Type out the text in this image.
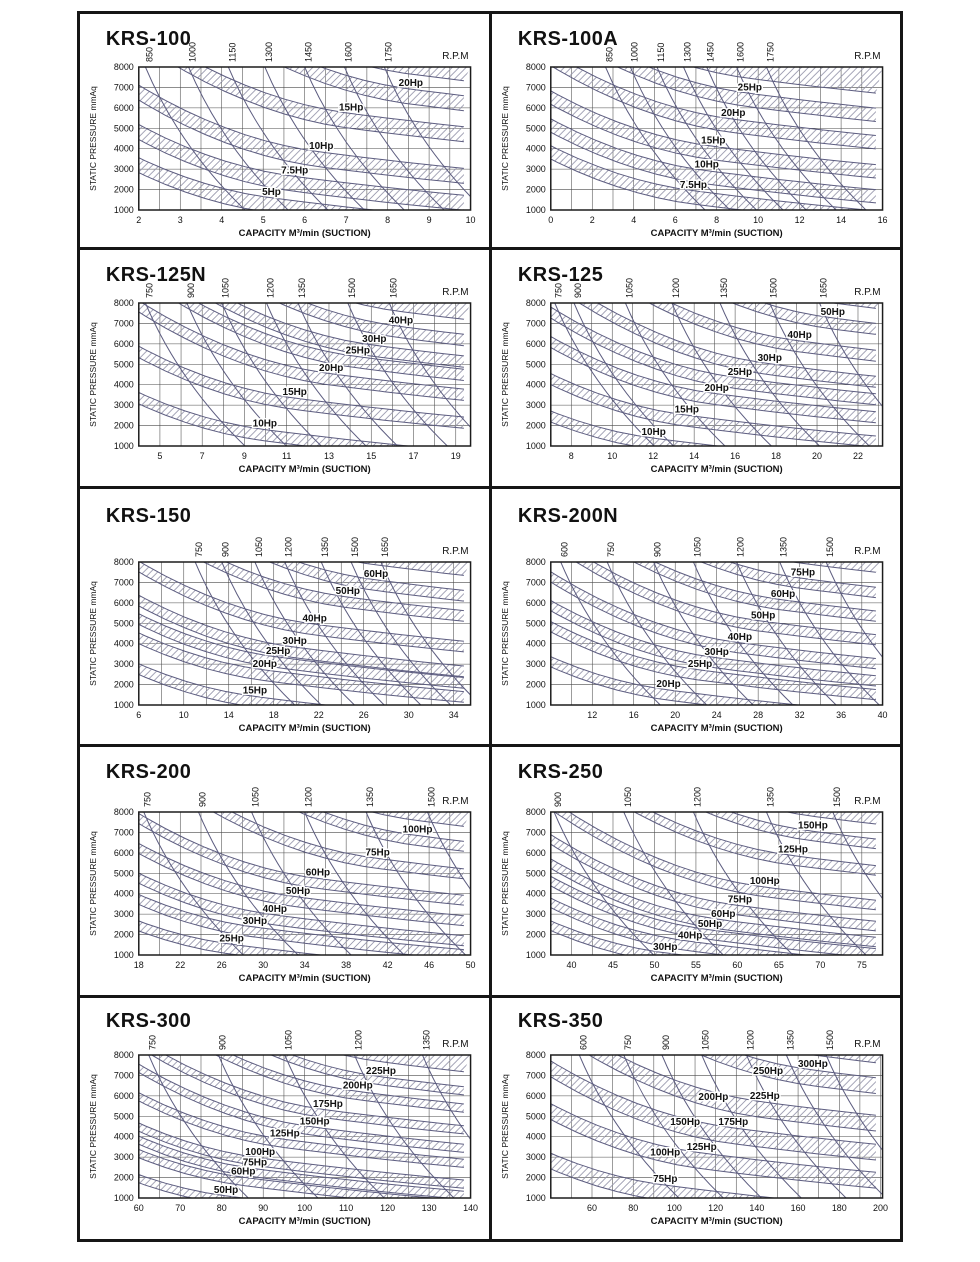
KRS-100
850	1000	1150	1300	1450	1600	1750	R.P.M
8000
7000
6000
5000
4000
3000
2000
1000
STATIC PRESSURE mmAq
2	3	4	5	6	7	8	9	10
CAPACITY M³/min (SUCTION)
20Hp
15Hp
10Hp
7.5Hp
5Hp
KRS-100A
850 1000 1150 1300 1450 1600 1750	R.P.M
8000
7000
6000
5000
4000
3000
2000
1000
STATIC PRESSURE mmAq
0	2	4	6	8	10	12	14	16
CAPACITY M³/min (SUCTION)
25Hp
20Hp
15Hp
10Hp
7.5Hp
KRS-125N
750	900	1050	1200 1350	1500	1650	R.P.M
8000
7000
6000
5000
4000
3000
2000
1000
STATIC PRESSURE mmAq
5	7	9	11	13	15	17	19
CAPACITY M³/min (SUCTION)
40Hp
30Hp
25Hp
20Hp
15Hp
10Hp
KRS-125
750 900	1050	1200	1350	1500	1650	R.P.M
8000
7000
6000
5000
4000
3000
2000
1000
STATIC PRESSURE mmAq
8	10	12	14	16	18	20	22
CAPACITY M³/min (SUCTION)
50Hp
40Hp
30Hp
25Hp
20Hp
15Hp
10Hp
KRS-150
750 900	1050 1200	1350 1500 1650	R.P.M
8000
7000
6000
5000
4000
3000
2000
1000
STATIC PRESSURE mmAq
6	10	14	18	22	26	30	34
CAPACITY M³/min (SUCTION)
60Hp
50Hp
40Hp
30Hp
25Hp
20Hp
15Hp
KRS-200N
600	750	900	1050	1200	1350	1500 R.P.M
8000
7000
6000
5000
4000
3000
2000
1000
STATIC PRESSURE mmAq
12	16	20	24	28	32	36	40
CAPACITY M³/min (SUCTION)
75Hp
60Hp
50Hp
40Hp
30Hp
25Hp
20Hp
KRS-200
750	900	1050	1200	1350	1500 R.P.M
8000
7000
6000
5000
4000
3000
2000
1000
STATIC PRESSURE mmAq
18	22	26	30	34	38	42	46	50
CAPACITY M³/min (SUCTION)
100Hp
75Hp
60Hp
50Hp
40Hp
30Hp
25Hp
KRS-250
900	1050	1200	1350	1500 R.P.M
8000
7000
6000
5000
4000
3000
2000
1000
STATIC PRESSURE mmAq
40	45	50	55	60	65	70	75
CAPACITY M³/min (SUCTION)
150Hp
125Hp
100Hp
75Hp
60Hp
50Hp
40Hp
30Hp
KRS-300
750	900	1050	1200	1350 R.P.M
8000
7000
6000
5000
4000
3000
2000
1000
STATIC PRESSURE mmAq
60	70	80	90	100	110	120	130	140
CAPACITY M³/min (SUCTION)
225Hp
200Hp
175Hp
150Hp
125Hp
100Hp
75Hp
60Hp
50Hp
KRS-350
600	750	900	1050	1200	1350	1500 R.P.M
8000
7000
6000
5000
4000
3000
2000
1000
STATIC PRESSURE mmAq
60	80	100	120	140	160	180	200
CAPACITY M³/min (SUCTION)
300Hp
250Hp
225Hp
200Hp
175Hp
150Hp
125Hp
100Hp
75Hp
